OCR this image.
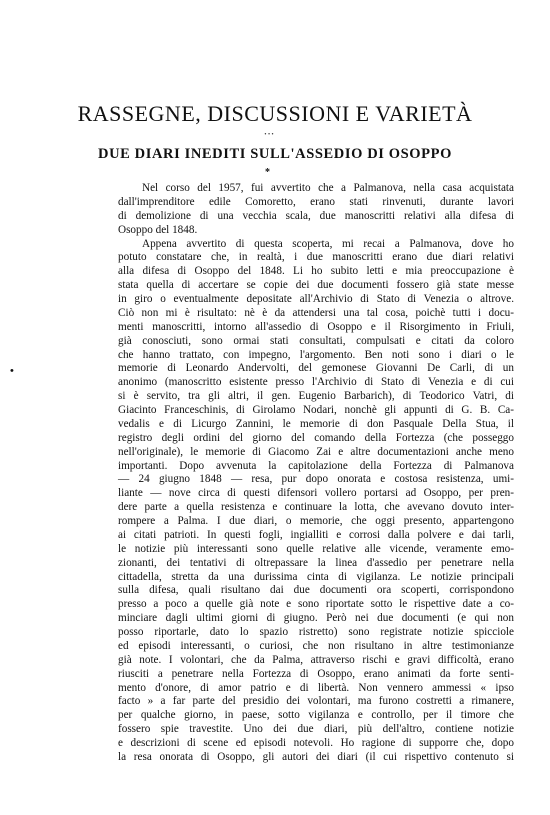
RASSEGNE, DISCUSSIONI E VARIETÀ
• • •
DUE DIARI INEDITI SULL'ASSEDIO DI OSOPPO
*
•
Nel corso del 1957, fui avvertito che a Palmanova, nella casa acquistata
dall'imprenditore edile Comoretto, erano stati rinvenuti, durante lavori
di demolizione di una vecchia scala, due manoscritti relativi alla difesa di
Osoppo del 1848.
Appena avvertito di questa scoperta, mi recai a Palmanova, dove ho
potuto constatare che, in realtà, i due manoscritti erano due diari relativi
alla difesa di Osoppo del 1848. Li ho subito letti e mia preoccupazione è
stata quella di accertare se copie dei due documenti fossero già state messe
in giro o eventualmente depositate all'Archivio di Stato di Venezia o altrove.
Ciò non mi è risultato: nè è da attendersi una tal cosa, poichè tutti i docu-
menti manoscritti, intorno all'assedio di Osoppo e il Risorgimento in Friuli,
già conosciuti, sono ormai stati consultati, compulsati e citati da coloro
che hanno trattato, con impegno, l'argomento. Ben noti sono i diari o le
memorie di Leonardo Andervolti, del gemonese Giovanni De Carli, di un
anonimo (manoscritto esistente presso l'Archivio di Stato di Venezia e di cui
si è servito, tra gli altri, il gen. Eugenio Barbarich), di Teodorico Vatri, di
Giacinto Franceschinis, di Girolamo Nodari, nonchè gli appunti di G. B. Ca-
vedalis e di Licurgo Zannini, le memorie di don Pasquale Della Stua, il
registro degli ordini del giorno del comando della Fortezza (che posseggo
nell'originale), le memorie di Giacomo Zai e altre documentazioni anche meno
importanti. Dopo avvenuta la capitolazione della Fortezza di Palmanova
— 24 giugno 1848 — resa, pur dopo onorata e costosa resistenza, umi-
liante — nove circa di questi difensori vollero portarsi ad Osoppo, per pren-
dere parte a quella resistenza e continuare la lotta, che avevano dovuto inter-
rompere a Palma. I due diari, o memorie, che oggi presento, appartengono
ai citati patrioti. In questi fogli, ingialliti e corrosi dalla polvere e dai tarli,
le notizie più interessanti sono quelle relative alle vicende, veramente emo-
zionanti, dei tentativi di oltrepassare la linea d'assedio per penetrare nella
cittadella, stretta da una durissima cinta di vigilanza. Le notizie principali
sulla difesa, quali risultano dai due documenti ora scoperti, corrispondono
presso a poco a quelle già note e sono riportate sotto le rispettive date a co-
minciare dagli ultimi giorni di giugno. Però nei due documenti (e qui non
posso riportarle, dato lo spazio ristretto) sono registrate notizie spicciole
ed episodi interessanti, o curiosi, che non risultano in altre testimonianze
già note. I volontari, che da Palma, attraverso rischi e gravi difficoltà, erano
riusciti a penetrare nella Fortezza di Osoppo, erano animati da forte senti-
mento d'onore, di amor patrio e di libertà. Non vennero ammessi « ipso
facto » a far parte del presidio dei volontari, ma furono costretti a rimanere,
per qualche giorno, in paese, sotto vigilanza e controllo, per il timore che
fossero spie travestite. Uno dei due diari, più dell'altro, contiene notizie
e descrizioni di scene ed episodi notevoli. Ho ragione di supporre che, dopo
la resa onorata di Osoppo, gli autori dei diari (il cui rispettivo contenuto si
